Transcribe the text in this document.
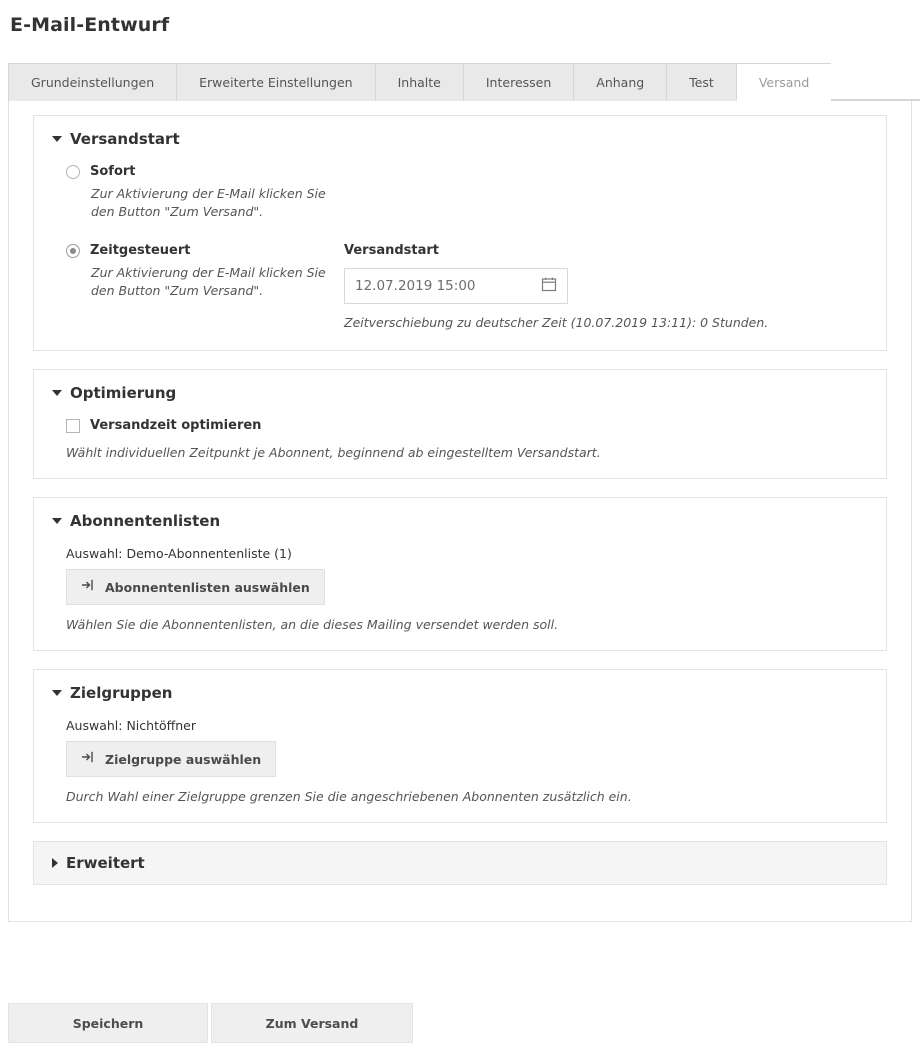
E-Mail-Entwurf
Grundeinstellungen	Erweiterte Einstellungen	Inhalte	Interessen	Anhang	Test	Versand
Versandstart
Sofort
Zur Aktivierung der E-Mail klicken Sie den Button "Zum Versand".
Zeitgesteuert
Zur Aktivierung der E-Mail klicken Sie den Button "Zum Versand".
Versandstart
12.07.2019 15:00
Zeitverschiebung zu deutscher Zeit (10.07.2019 13:11): 0 Stunden.
Optimierung
Versandzeit optimieren
Wählt individuellen Zeitpunkt je Abonnent, beginnend ab eingestelltem Versandstart.
Abonnentenlisten
Auswahl: Demo-Abonnentenliste (1)
Abonnentenlisten auswählen
Wählen Sie die Abonnentenlisten, an die dieses Mailing versendet werden soll.
Zielgruppen
Auswahl: Nichtöffner
Zielgruppe auswählen
Durch Wahl einer Zielgruppe grenzen Sie die angeschriebenen Abonnenten zusätzlich ein.
Erweitert
Speichern	Zum Versand
